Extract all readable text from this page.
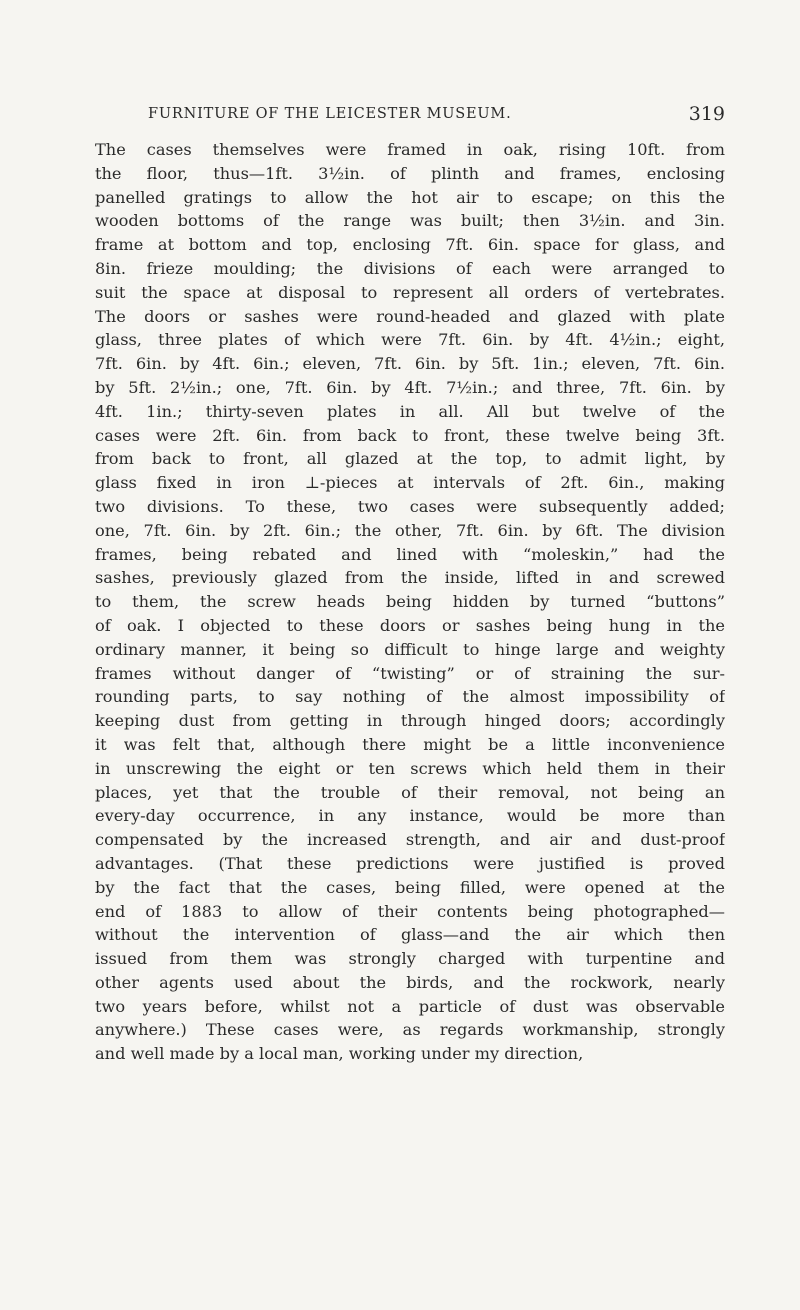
FURNITURE OF THE LEICESTER MUSEUM.	319
The cases themselves were framed in oak, rising 10ft. from
the floor, thus—1ft. 3½in. of plinth and frames, enclosing
panelled gratings to allow the hot air to escape; on this the
wooden bottoms of the range was built; then 3½in. and 3in.
frame at bottom and top, enclosing 7ft. 6in. space for glass, and
8in. frieze moulding; the divisions of each were arranged to
suit the space at disposal to represent all orders of vertebrates.
The doors or sashes were round-headed and glazed with plate
glass, three plates of which were 7ft. 6in. by 4ft. 4½in.; eight,
7ft. 6in. by 4ft. 6in.; eleven, 7ft. 6in. by 5ft. 1in.; eleven, 7ft. 6in.
by 5ft. 2½in.; one, 7ft. 6in. by 4ft. 7½in.; and three, 7ft. 6in. by
4ft. 1in.; thirty-seven plates in all. All but twelve of the
cases were 2ft. 6in. from back to front, these twelve being 3ft.
from back to front, all glazed at the top, to admit light, by
glass fixed in iron ⊥-pieces at intervals of 2ft. 6in., making
two divisions. To these, two cases were subsequently added;
one, 7ft. 6in. by 2ft. 6in.; the other, 7ft. 6in. by 6ft. The division
frames, being rebated and lined with “moleskin,” had the
sashes, previously glazed from the inside, lifted in and screwed
to them, the screw heads being hidden by turned “buttons”
of oak. I objected to these doors or sashes being hung in the
ordinary manner, it being so difficult to hinge large and weighty
frames without danger of “twisting” or of straining the sur-
rounding parts, to say nothing of the almost impossibility of
keeping dust from getting in through hinged doors; accordingly
it was felt that, although there might be a little inconvenience
in unscrewing the eight or ten screws which held them in their
places, yet that the trouble of their removal, not being an
every-day occurrence, in any instance, would be more than
compensated by the increased strength, and air and dust-proof
advantages. (That these predictions were justified is proved
by the fact that the cases, being filled, were opened at the
end of 1883 to allow of their contents being photographed—
without the intervention of glass—and the air which then
issued from them was strongly charged with turpentine and
other agents used about the birds, and the rockwork, nearly
two years before, whilst not a particle of dust was observable
anywhere.) These cases were, as regards workmanship, strongly
and well made by a local man, working under my direction,
